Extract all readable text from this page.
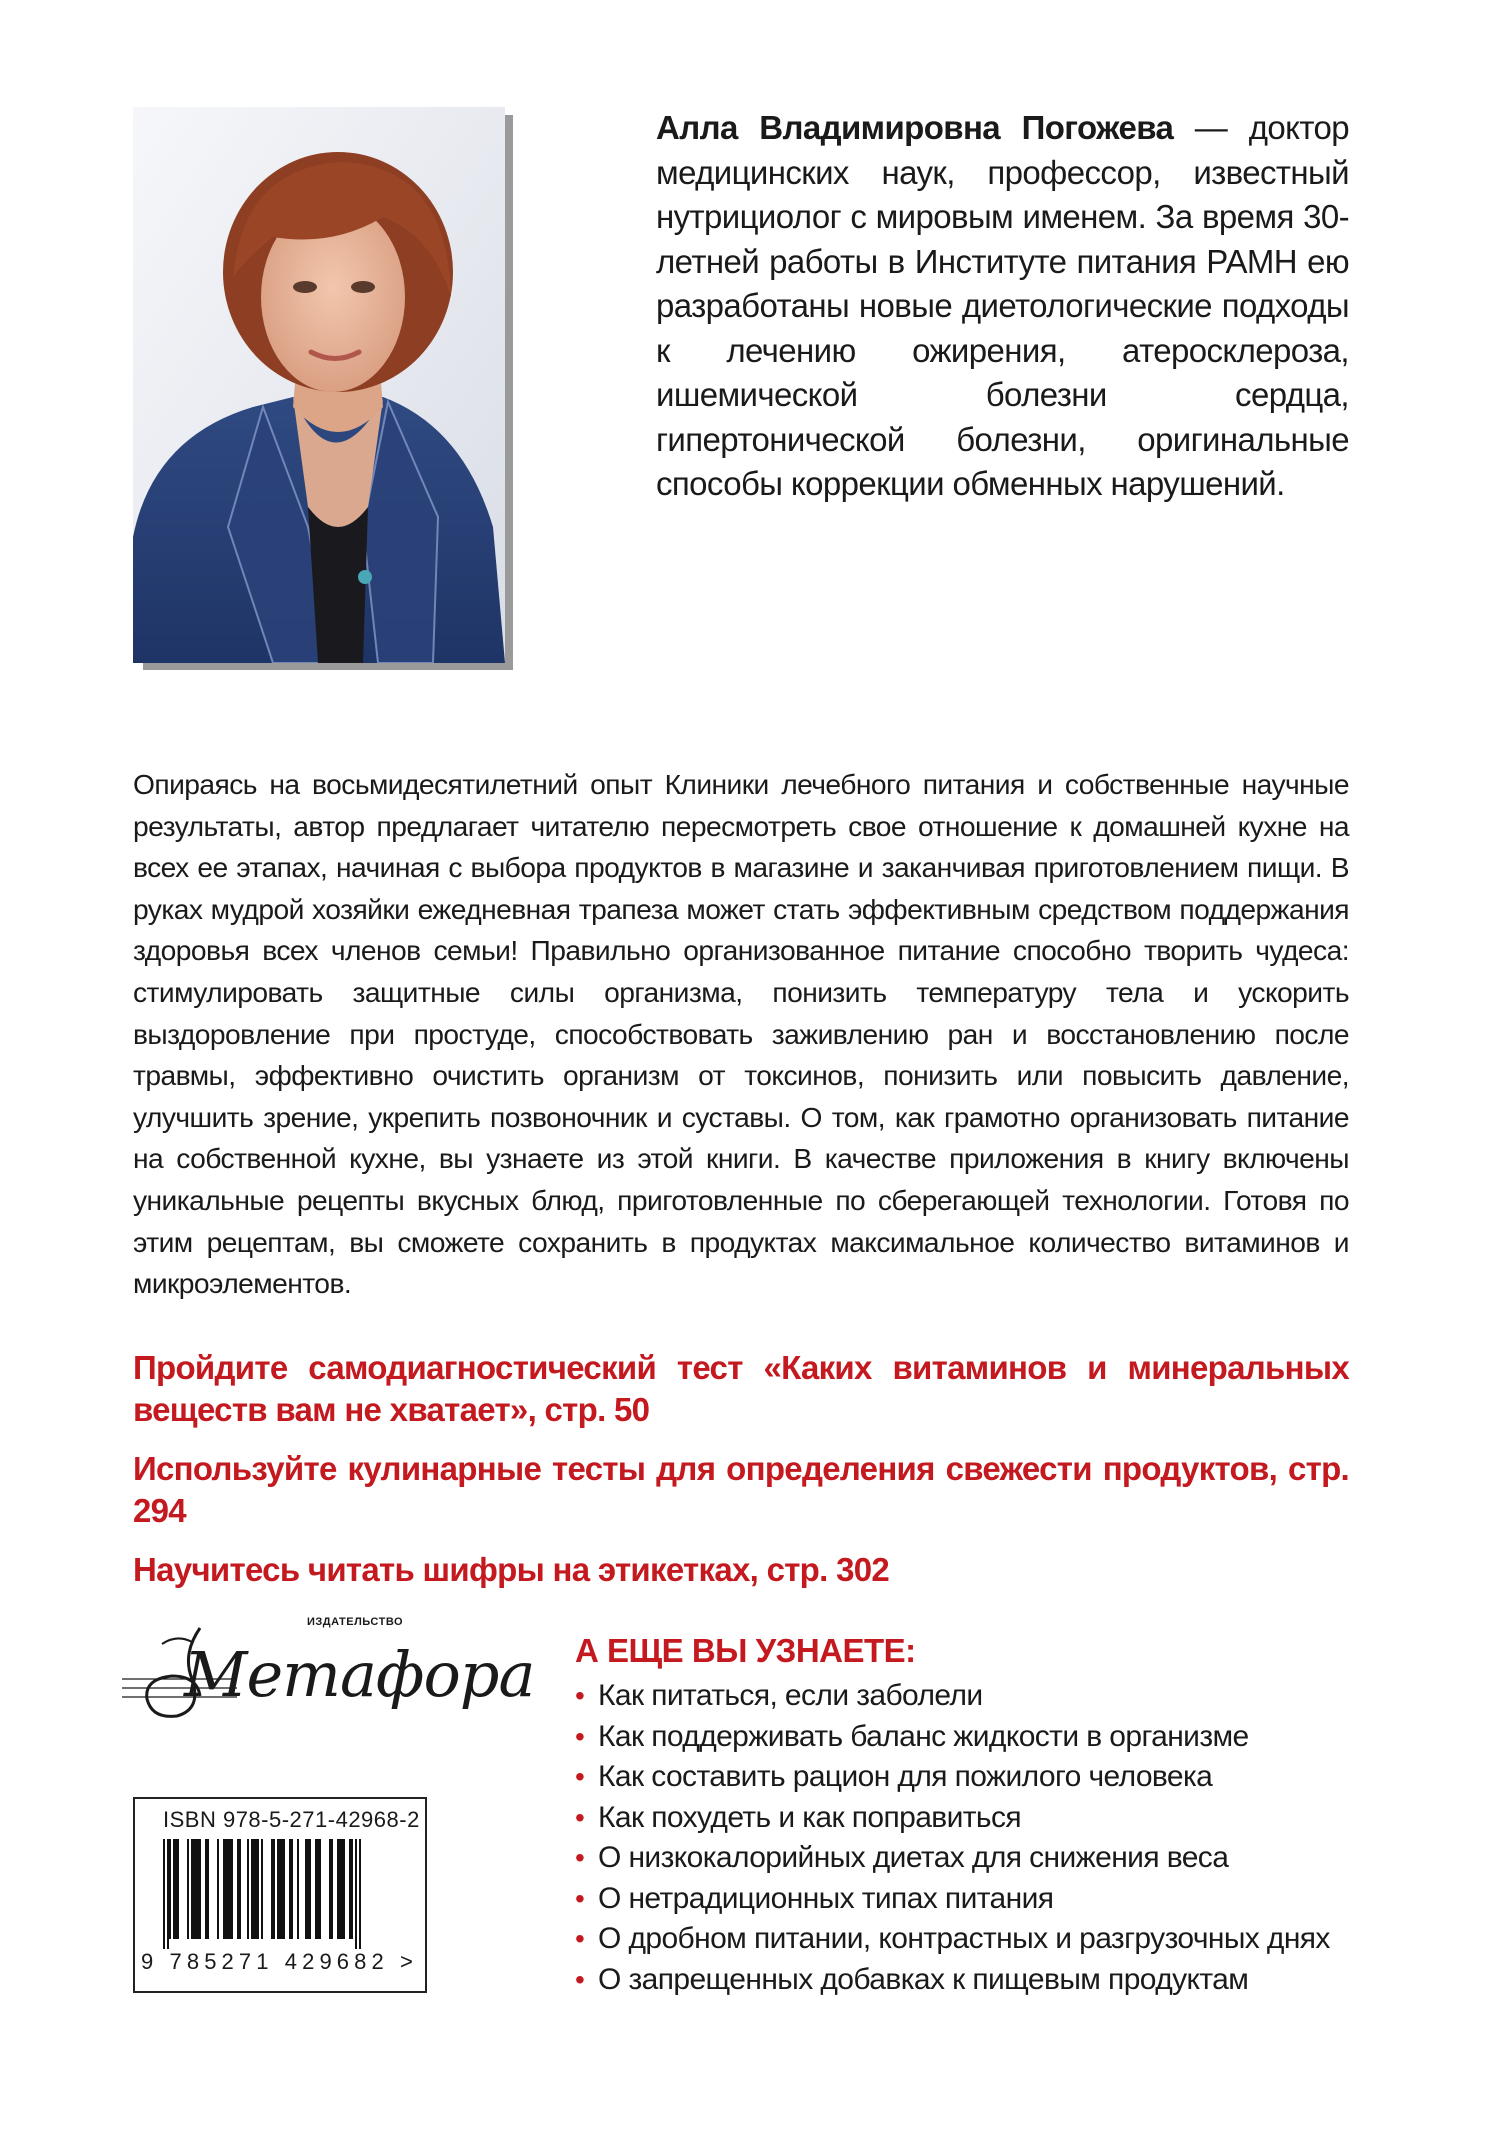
Алла Владимировна Погожева — доктор медицинских наук, профессор, известный нутрициолог с мировым именем. За время 30-летней работы в Институте питания РАМН ею разработаны новые диетологические подходы к лечению ожирения, атеросклероза, ишемической болезни сердца, гипертонической болезни, оригинальные способы коррекции обменных нарушений.
Опираясь на восьмидесятилетний опыт Клиники лечебного питания и собственные научные результаты, автор предлагает читателю пересмотреть свое отношение к домашней кухне на всех ее этапах, начиная с выбора продуктов в магазине и заканчивая приготовлением пищи. В руках мудрой хозяйки ежедневная трапеза может стать эффективным средством поддержания здоровья всех членов семьи! Правильно организованное питание способно творить чудеса: стимулировать защитные силы организма, понизить температуру тела и ускорить выздоровление при простуде, способствовать заживлению ран и восстановлению после травмы, эффективно очистить организм от токсинов, понизить или повысить давление, улучшить зрение, укрепить позвоночник и суставы. О том, как грамотно организовать питание на собственной кухне, вы узнаете из этой книги. В качестве приложения в книгу включены уникальные рецепты вкусных блюд, приготовленные по сберегающей технологии. Готовя по этим рецептам, вы сможете сохранить в продуктах максимальное количество витаминов и микроэлементов.

Пройдите самодиагностический тест «Каких витаминов и минеральных веществ вам не хватает», стр. 50

Используйте кулинарные тесты для определения свежести продуктов, стр. 294

Научитесь читать шифры на этикетках, стр. 302

ИЗДАТЕЛЬСТВО
Метафора
ISBN 978-5-271-42968-2
9 785271 429682 >
А ЕЩЕ ВЫ УЗНАЕТЕ:
• Как питаться, если заболели
• Как поддерживать баланс жидкости в организме
• Как составить рацион для пожилого человека
• Как похудеть и как поправиться
• О низкокалорийных диетах для снижения веса
• О нетрадиционных типах питания
• О дробном питании, контрастных и разгрузочных днях
• О запрещенных добавках к пищевым продуктам
